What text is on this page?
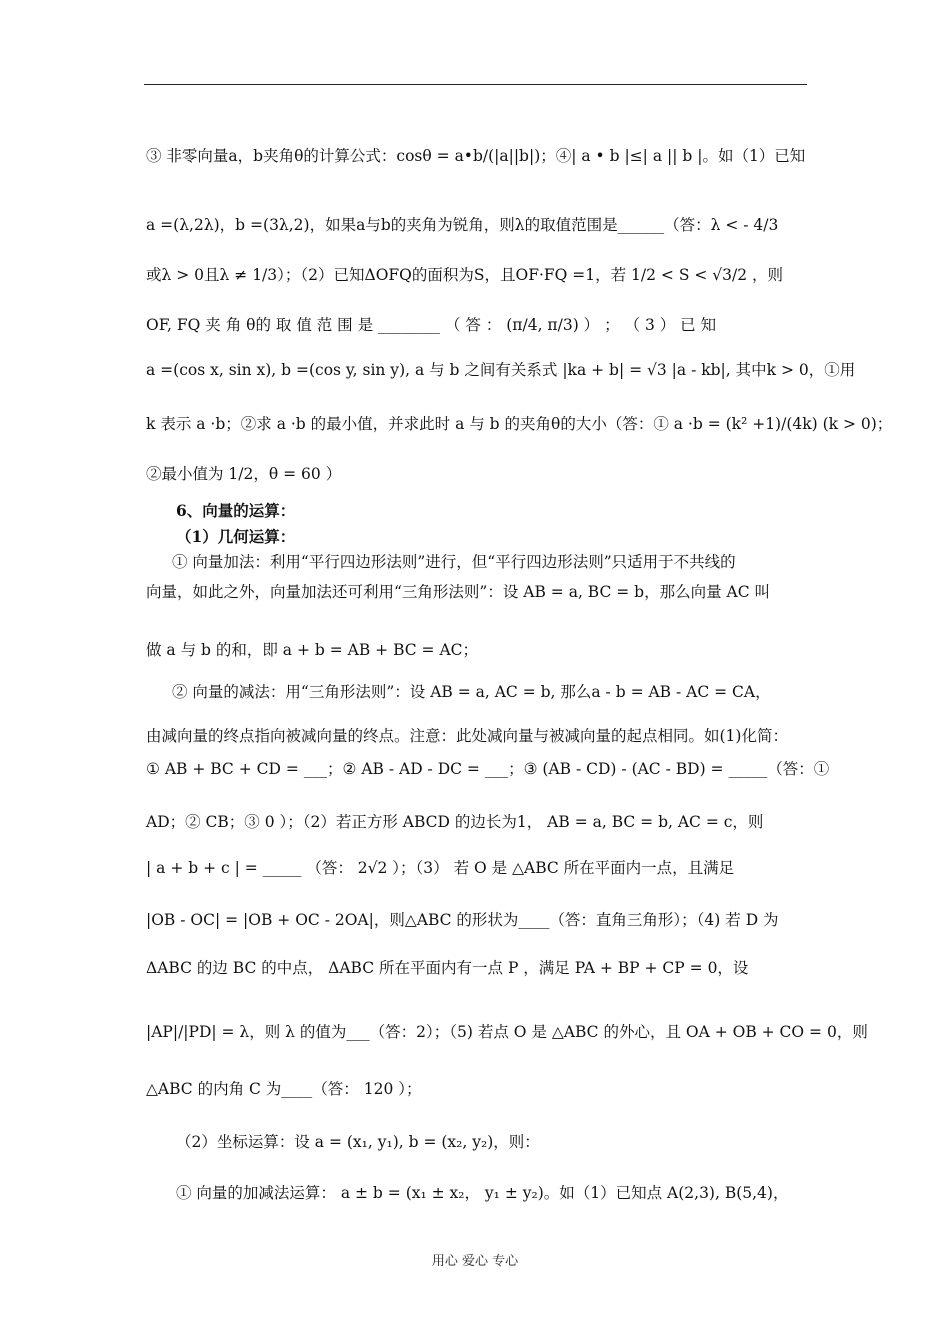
③ 非零向量a，b夹角θ的计算公式：cosθ = a•b/(|a||b|)；④| a • b |≤| a || b |。如（1）已知
a =(λ,2λ)，b =(3λ,2)，如果a与b的夹角为锐角，则λ的取值范围是______（答：λ < - 4/3
或λ > 0且λ ≠ 1/3）；（2）已知ΔOFQ的面积为S，且OF·FQ =1，若 1/2 < S < √3/2 ，则
OF, FQ 夹 角 θ的 取 值 范 围 是 ________ （ 答 ： (π/4, π/3) ） ； （ 3 ） 已 知
a =(cos x, sin x), b =(cos y, sin y), a 与 b 之间有关系式 |ka + b| = √3 |a - kb|, 其中k > 0，①用
k 表示 a ·b；②求 a ·b 的最小值，并求此时 a 与 b 的夹角θ的大小（答：① a ·b = (k² +1)/(4k) (k > 0)；
②最小值为 1/2，θ = 60 ）
6、向量的运算：
（1）几何运算：
① 向量加法：利用“平行四边形法则”进行，但“平行四边形法则”只适用于不共线的
向量，如此之外，向量加法还可利用“三角形法则”：设 AB = a, BC = b，那么向量 AC 叫
做 a 与 b 的和，即 a + b = AB + BC = AC；
② 向量的减法：用“三角形法则”：设 AB = a, AC = b, 那么a - b = AB - AC = CA，
由减向量的终点指向被减向量的终点。注意：此处减向量与被减向量的起点相同。如(1)化简：
① AB + BC + CD = ___；② AB - AD - DC = ___；③ (AB - CD) - (AC - BD) = _____（答：①
AD；② CB；③ 0 ）；（2）若正方形 ABCD 的边长为1， AB = a, BC = b, AC = c，则
| a + b + c | = _____ （答： 2√2 ）；（3） 若 O 是 △ABC 所在平面内一点，且满足
|OB - OC| = |OB + OC - 2OA|，则△ABC 的形状为____（答：直角三角形）；（4) 若 D 为
ΔABC 的边 BC 的中点， ΔABC 所在平面内有一点 P ，满足 PA + BP + CP = 0，设
|AP|/|PD| = λ，则 λ 的值为___（答：2）；（5) 若点 O 是 △ABC 的外心，且 OA + OB + CO = 0，则
△ABC 的内角 C 为____（答： 120 ）；
（2）坐标运算：设 a = (x₁, y₁), b = (x₂, y₂)，则：
① 向量的加减法运算： a ± b = (x₁ ± x₂， y₁ ± y₂)。如（1）已知点 A(2,3), B(5,4)，
用心 爱心 专心
